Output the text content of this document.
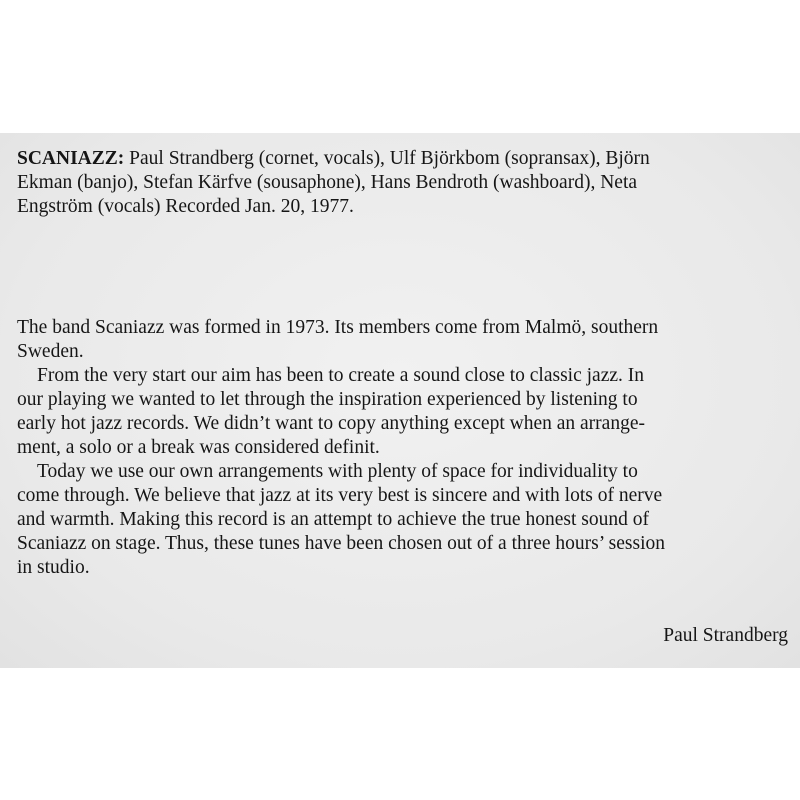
SCANIAZZ: Paul Strandberg (cornet, vocals), Ulf Björkbom (sopransax), Björn
Ekman (banjo), Stefan Kärfve (sousaphone), Hans Bendroth (washboard), Neta
Engström (vocals) Recorded Jan. 20, 1977.

The band Scaniazz was formed in 1973. Its members come from Malmö, southern
Sweden.

From the very start our aim has been to create a sound close to classic jazz. In
our playing we wanted to let through the inspiration experienced by listening to
early hot jazz records. We didn’t want to copy anything except when an arrange-
ment, a solo or a break was considered definit.

Today we use our own arrangements with plenty of space for individuality to
come through. We believe that jazz at its very best is sincere and with lots of nerve
and warmth. Making this record is an attempt to achieve the true honest sound of
Scaniazz on stage. Thus, these tunes have been chosen out of a three hours’ session
in studio.

Paul Strandberg
